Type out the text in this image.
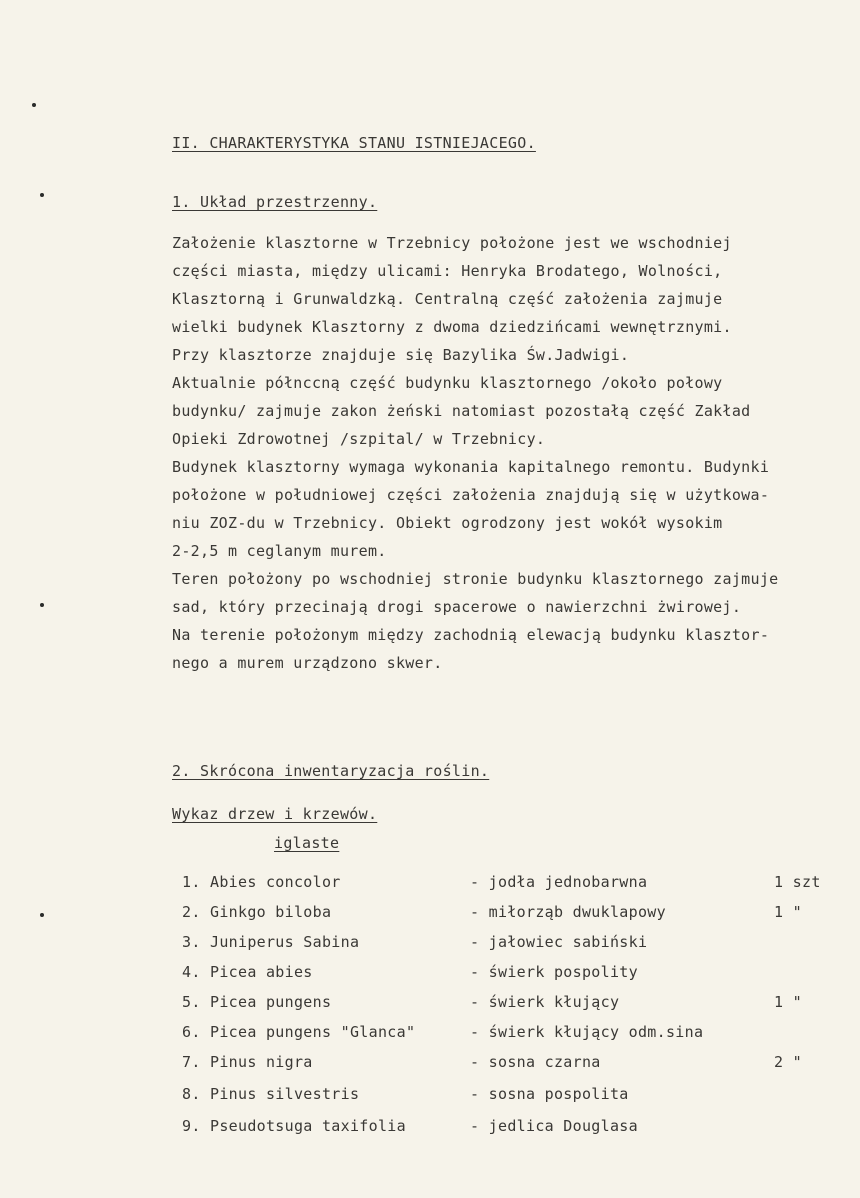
II. CHARAKTERYSTYKA STANU ISTNIEJACEGO.
1. Układ przestrzenny.
Założenie klasztorne w Trzebnicy położone jest we wschodniej
części miasta, między ulicami: Henryka Brodatego, Wolności,
Klasztorną i Grunwaldzką. Centralną część założenia zajmuje
wielki budynek Klasztorny z dwoma dziedzińcami wewnętrznymi.
Przy klasztorze znajduje się Bazylika Św.Jadwigi.
Aktualnie półnccną część budynku klasztornego /około połowy
budynku/ zajmuje zakon żeński natomiast pozostałą część Zakład
Opieki Zdrowotnej /szpital/ w Trzebnicy.
Budynek klasztorny wymaga wykonania kapitalnego remontu. Budynki
położone w południowej części założenia znajdują się w użytkowa-
niu ZOZ-du w Trzebnicy. Obiekt ogrodzony jest wokół wysokim
2-2,5 m ceglanym murem.
Teren położony po wschodniej stronie budynku klasztornego zajmuje
sad, który przecinają drogi spacerowe o nawierzchni żwirowej.
Na terenie położonym między zachodnią elewacją budynku klasztor-
nego a murem urządzono skwer.
2. Skrócona inwentaryzacja roślin.
Wykaz drzew i krzewów.
iglaste
1. Abies concolor	- jodła jednobarwna	1 szt
2. Ginkgo biloba	- miłorząb dwuklapowy	1 "
3. Juniperus Sabina	- jałowiec sabiński
4. Picea abies	- świerk pospolity
5. Picea pungens	- świerk kłujący	1 "
6. Picea pungens "Glanca"	- świerk kłujący odm.sina
7. Pinus nigra	- sosna czarna	2 "
8. Pinus silvestris	- sosna pospolita
9. Pseudotsuga taxifolia	- jedlica Douglasa
